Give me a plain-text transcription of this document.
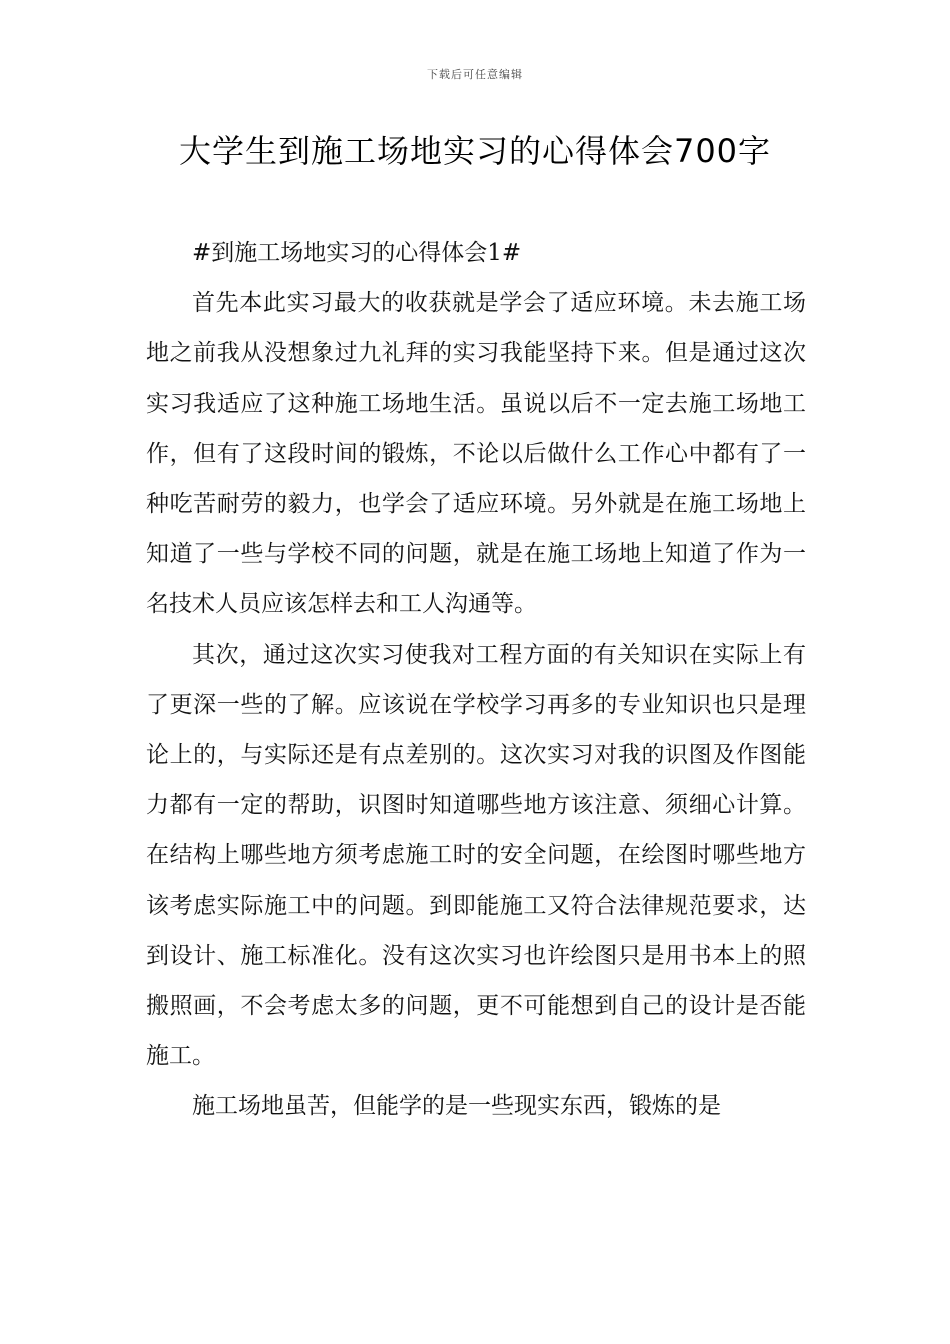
下载后可任意编辑
大学生到施工场地实习的心得体会700字

#到施工场地实习的心得体会1#

首先本此实习最大的收获就是学会了适应环境。未去施工场地之前我从没想象过九礼拜的实习我能坚持下来。但是通过这次实习我适应了这种施工场地生活。虽说以后不一定去施工场地工作，但有了这段时间的锻炼，不论以后做什么工作心中都有了一种吃苦耐劳的毅力，也学会了适应环境。另外就是在施工场地上知道了一些与学校不同的问题，就是在施工场地上知道了作为一名技术人员应该怎样去和工人沟通等。

其次，通过这次实习使我对工程方面的有关知识在实际上有了更深一些的了解。应该说在学校学习再多的专业知识也只是理论上的，与实际还是有点差别的。这次实习对我的识图及作图能力都有一定的帮助，识图时知道哪些地方该注意、须细心计算。在结构上哪些地方须考虑施工时的安全问题，在绘图时哪些地方该考虑实际施工中的问题。到即能施工又符合法律规范要求，达到设计、施工标准化。没有这次实习也许绘图只是用书本上的照搬照画，不会考虑太多的问题，更不可能想到自己的设计是否能施工。

施工场地虽苦，但能学的是一些现实东西，锻炼的是
